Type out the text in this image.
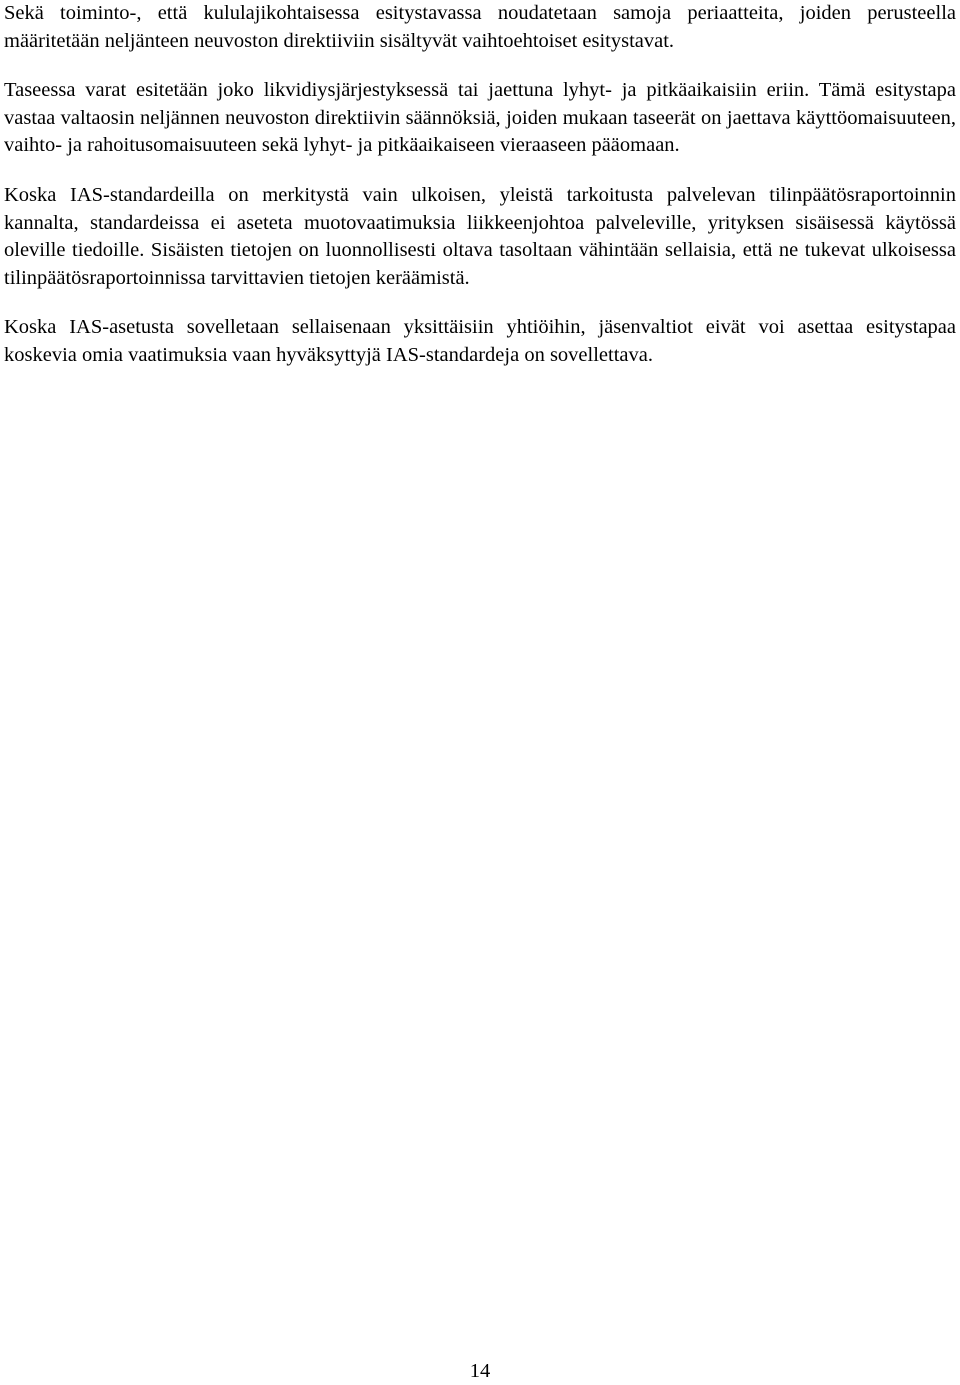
Sekä toiminto-, että kululajikohtaisessa esitystavassa noudatetaan samoja periaatteita, joiden perusteella määritetään neljänteen neuvoston direktiiviin sisältyvät vaihtoehtoiset esitystavat.

Taseessa varat esitetään joko likvidiysjärjestyksessä tai jaettuna lyhyt- ja pitkäaikaisiin eriin. Tämä esitystapa vastaa valtaosin neljännen neuvoston direktiivin säännöksiä, joiden mukaan taseerät on jaettava käyttöomaisuuteen, vaihto- ja rahoitusomaisuuteen sekä lyhyt- ja pitkäaikaiseen vieraaseen pääomaan.

Koska IAS-standardeilla on merkitystä vain ulkoisen, yleistä tarkoitusta palvelevan tilinpäätösraportoinnin kannalta, standardeissa ei aseteta muotovaatimuksia liikkeenjohtoa palveleville, yrityksen sisäisessä käytössä oleville tiedoille. Sisäisten tietojen on luonnollisesti oltava tasoltaan vähintään sellaisia, että ne tukevat ulkoisessa tilinpäätösraportoinnissa tarvittavien tietojen keräämistä.

Koska IAS-asetusta sovelletaan sellaisenaan yksittäisiin yhtiöihin, jäsenvaltiot eivät voi asettaa esitystapaa koskevia omia vaatimuksia vaan hyväksyttyjä IAS-standardeja on sovellettava.

14
